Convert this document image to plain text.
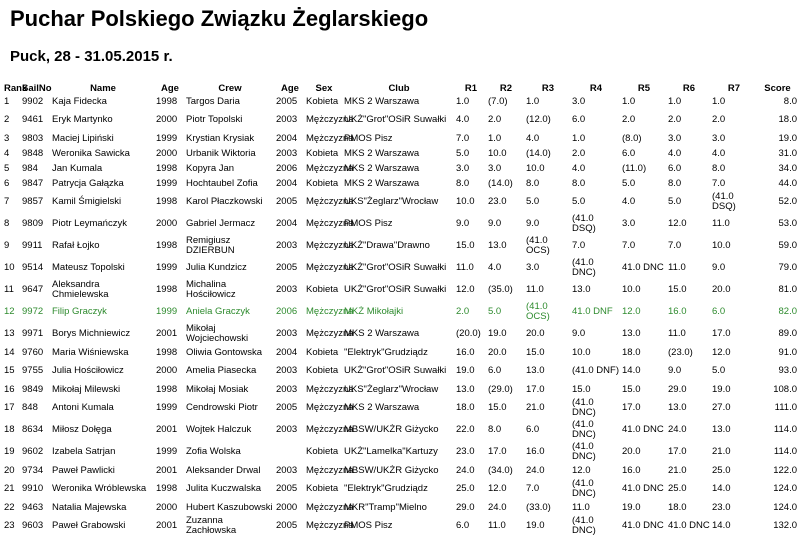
Puchar Polskiego Związku Żeglarskiego
Puck, 28 - 31.05.2015 r.
Rank	SailNo	Name	Age	Crew	Age	Sex	Club	R1	R2	R3	R4	R5	R6	R7	Score
1	9902	Kaja Fidecka	1998	Targos Daria	2005	Kobieta	MKS 2 Warszawa	1.0	(7.0)	1.0	3.0	1.0	1.0	1.0	8.0
2	9461	Eryk Martynko	2000	Piotr Topolski	2003	Mężczyzna	UKŻ"Grot"OSiR Suwałki	4.0	2.0	(12.0)	6.0	2.0	2.0	2.0	18.0
3	9803	Maciej Lipiński	1999	Krystian Krysiak	2004	Mężczyzna	PMOS Pisz	7.0	1.0	4.0	1.0	(8.0)	3.0	3.0	19.0
4	9848	Weronika Sawicka	2000	Urbanik Wiktoria	2003	Kobieta	MKS 2 Warszawa	5.0	10.0	(14.0)	2.0	6.0	4.0	4.0	31.0
5	984	Jan Kumala	1998	Kopyra Jan	2006	Mężczyzna	MKS 2 Warszawa	3.0	3.0	10.0	4.0	(11.0)	6.0	8.0	34.0
6	9847	Patrycja Gałązka	1999	Hochtaubel Zofia	2004	Kobieta	MKS 2 Warszawa	8.0	(14.0)	8.0	8.0	5.0	8.0	7.0	44.0
7	9857	Kamil Śmigielski	1998	Karol Płaczkowski	2005	Mężczyzna	UKS"Żeglarz"Wrocław	10.0	23.0	5.0	5.0	4.0	5.0	(41.0 DSQ)	52.0
8	9809	Piotr Leymańczyk	2000	Gabriel Jermacz	2004	Mężczyzna	PMOS Pisz	9.0	9.0	9.0	(41.0 DSQ)	3.0	12.0	11.0	53.0
9	9911	Rafał Łojko	1998	Remigiusz DZIERBUN	2003	Mężczyzna	UKŻ"Drawa"Drawno	15.0	13.0	(41.0 OCS)	7.0	7.0	7.0	10.0	59.0
10	9514	Mateusz Topolski	1999	Julia Kundzicz	2005	Mężczyzna	UKŻ"Grot"OSiR Suwałki	11.0	4.0	3.0	(41.0 DNC)	41.0 DNC	11.0	9.0	79.0
11	9647	Aleksandra Chmielewska	1998	Michalina Hościłowicz	2003	Kobieta	UKŻ"Grot"OSiR Suwałki	12.0	(35.0)	11.0	13.0	10.0	15.0	20.0	81.0
12	9972	Filip Graczyk	1999	Aniela Graczyk	2006	Mężczyzna	MKŻ Mikołajki	2.0	5.0	(41.0 OCS)	41.0 DNF	12.0	16.0	6.0	82.0
13	9971	Borys Michniewicz	2001	Mikołaj Wojciechowski	2003	Mężczyzna	MKS 2 Warszawa	(20.0)	19.0	20.0	9.0	13.0	11.0	17.0	89.0
14	9760	Maria Wiśniewska	1998	Oliwia Gontowska	2004	Kobieta	"Elektryk"Grudziądz	16.0	20.0	15.0	10.0	18.0	(23.0)	12.0	91.0
15	9755	Julia Hościłowicz	2000	Amelia Piasecka	2003	Kobieta	UKŻ"Grot"OSiR Suwałki	19.0	6.0	13.0	(41.0 DNF)	14.0	9.0	5.0	93.0
16	9849	Mikołaj Milewski	1998	Mikołaj Mosiak	2003	Mężczyzna	UKS"Żeglarz"Wrocław	13.0	(29.0)	17.0	15.0	15.0	29.0	19.0	108.0
17	848	Antoni Kumala	1999	Cendrowski Piotr	2005	Mężczyzna	MKS 2 Warszawa	18.0	15.0	21.0	(41.0 DNC)	17.0	13.0	27.0	111.0
18	8634	Miłosz Dołęga	2001	Wojtek Halczuk	2003	Mężczyzna	MBSW/UKŻR Giżycko	22.0	8.0	6.0	(41.0 DNC)	41.0 DNC	24.0	13.0	114.0
19	9602	Izabela Satrjan	1999	Zofia Wolska		Kobieta	UKŻ"Lamelka"Kartuzy	23.0	17.0	16.0	(41.0 DNC)	20.0	17.0	21.0	114.0
20	9734	Paweł Pawlicki	2001	Aleksander Drwal	2003	Mężczyzna	MBSW/UKŻR Giżycko	24.0	(34.0)	24.0	12.0	16.0	21.0	25.0	122.0
21	9910	Weronika Wróblewska	1998	Julita Kuczwalska	2005	Kobieta	"Elektryk"Grudziądz	25.0	12.0	7.0	(41.0 DNC)	41.0 DNC	25.0	14.0	124.0
22	9463	Natalia Majewska	2000	Hubert Kaszubowski	2000	Mężczyzna	MKR"Tramp"Mielno	29.0	24.0	(33.0)	11.0	19.0	18.0	23.0	124.0
23	9603	Paweł Grabowski	2001	Zuzanna Zachłowska	2005	Mężczyzna	PMOS Pisz	6.0	11.0	19.0	(41.0 DNC)	41.0 DNC	41.0 DNC	14.0	132.0
